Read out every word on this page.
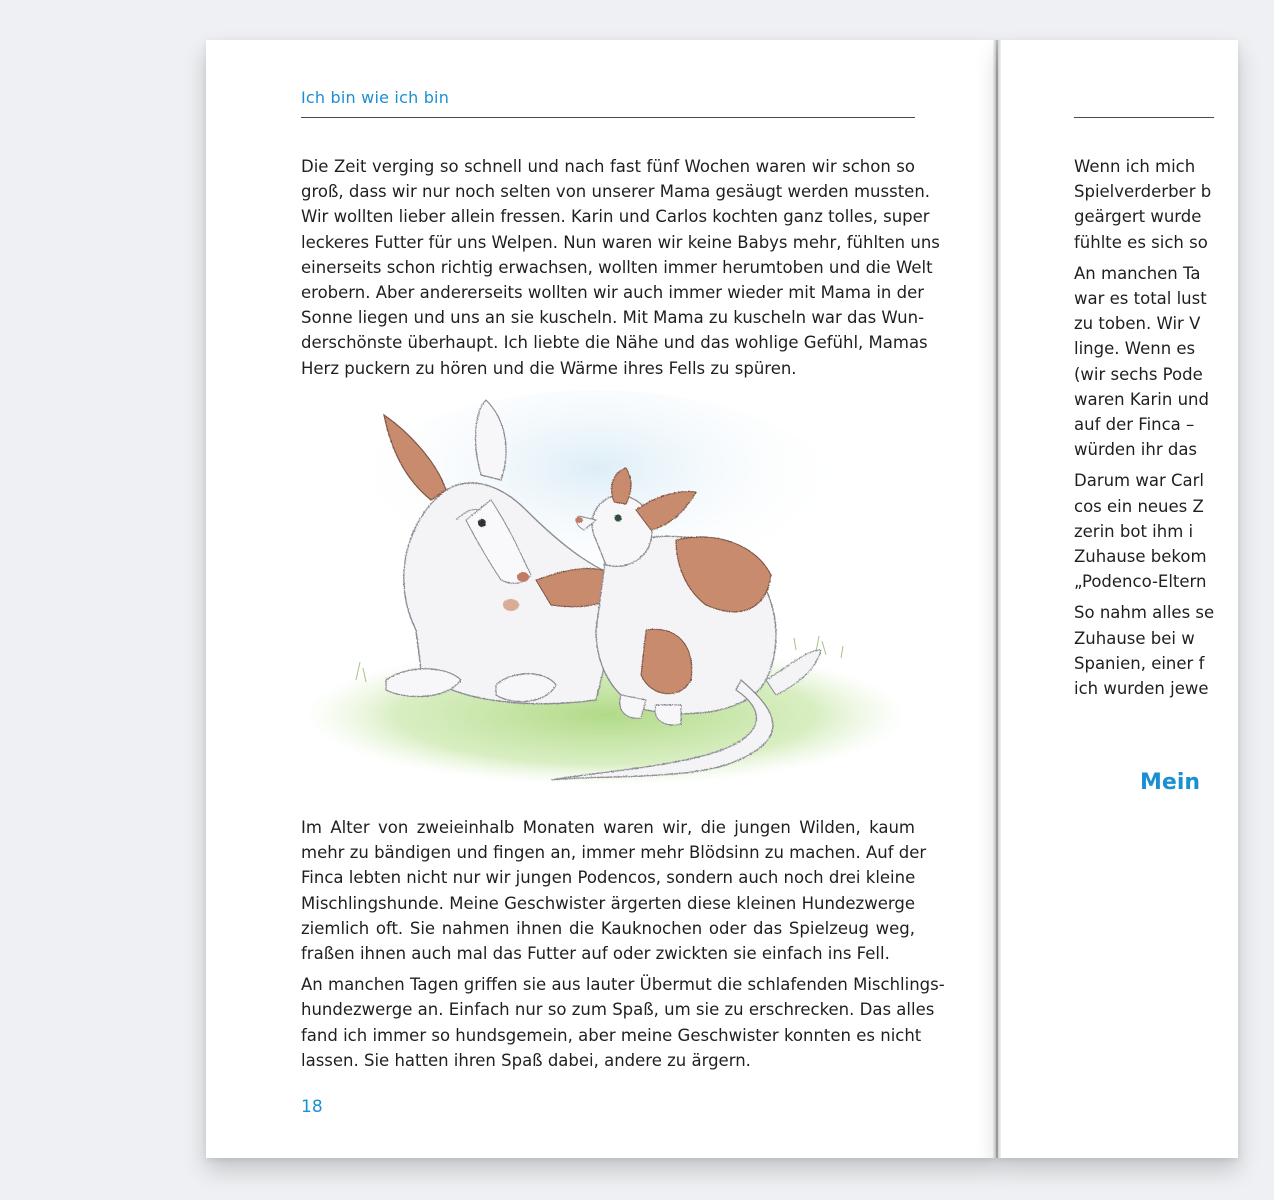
Ich bin wie ich bin

Die Zeit verging so schnell und nach fast fünf Wochen waren wir schon so
groß, dass wir nur noch selten von unserer Mama gesäugt werden mussten.
Wir wollten lieber allein fressen. Karin und Carlos kochten ganz tolles, super
leckeres Futter für uns Welpen. Nun waren wir keine Babys mehr, fühlten uns
einerseits schon richtig erwachsen, wollten immer herumtoben und die Welt
erobern. Aber andererseits wollten wir auch immer wieder mit Mama in der
Sonne liegen und uns an sie kuscheln. Mit Mama zu kuscheln war das Wun-
derschönste überhaupt. Ich liebte die Nähe und das wohlige Gefühl, Mamas
Herz puckern zu hören und die Wärme ihres Fells zu spüren.

Im Alter von zweieinhalb Monaten waren wir, die jungen Wilden, kaum
mehr zu bändigen und fingen an, immer mehr Blödsinn zu machen. Auf der
Finca lebten nicht nur wir jungen Podencos, sondern auch noch drei kleine
Mischlingshunde. Meine Geschwister ärgerten diese kleinen Hundezwerge
ziemlich oft. Sie nahmen ihnen die Kauknochen oder das Spielzeug weg,
fraßen ihnen auch mal das Futter auf oder zwickten sie einfach ins Fell.

An manchen Tagen griffen sie aus lauter Übermut die schlafenden Mischlings-
hundezwerge an. Einfach nur so zum Spaß, um sie zu erschrecken. Das alles
fand ich immer so hundsgemein, aber meine Geschwister konnten es nicht
lassen. Sie hatten ihren Spaß dabei, andere zu ärgern.

18

Wenn ich mich
Spielverderber b
geärgert wurde
fühlte es sich so

An manchen Ta
war es total lust
zu toben. Wir V
linge. Wenn es
(wir sechs Pode
waren Karin und
auf der Finca –
würden ihr das

Darum war Carl
cos ein neues Z
zerin bot ihm i
Zuhause bekom
„Podenco-Eltern

So nahm alles se
Zuhause bei w
Spanien, einer f
ich wurden jewe

Mein
